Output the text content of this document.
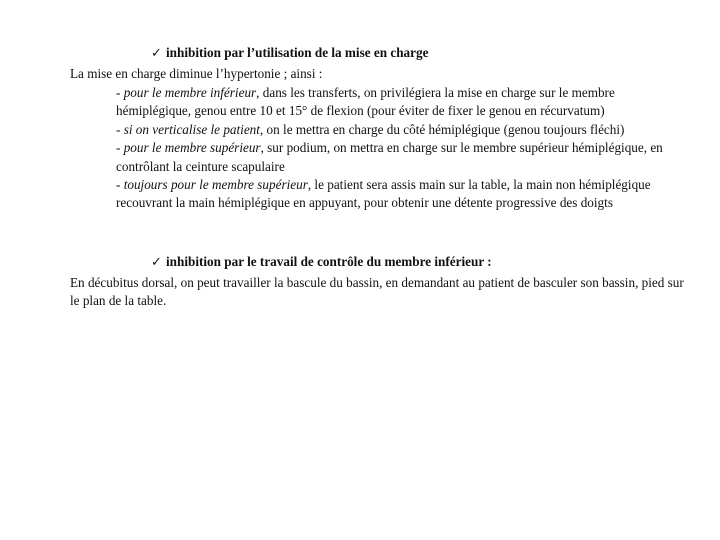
✓ inhibition par l’utilisation de la mise en charge
La mise en charge diminue l’hypertonie ; ainsi :

- pour le membre inférieur, dans les transferts, on privilégiera la mise en charge sur le membre hémiplégique, genou entre 10 et 15° de flexion (pour éviter de fixer le genou en récurvatum)

- si on verticalise le patient, on le mettra en charge du côté hémiplégique (genou toujours fléchi)

- pour le membre supérieur, sur podium, on mettra en charge sur le membre supérieur hémiplégique, en contrôlant la ceinture scapulaire

- toujours pour le membre supérieur, le patient sera assis main sur la table, la main non hémiplégique recouvrant la main hémiplégique en appuyant, pour obtenir une détente progressive des doigts

✓ inhibition par le travail de contrôle du membre inférieur :
En décubitus dorsal, on peut travailler la bascule du bassin, en demandant au patient de basculer son bassin, pied sur le plan de la table.
